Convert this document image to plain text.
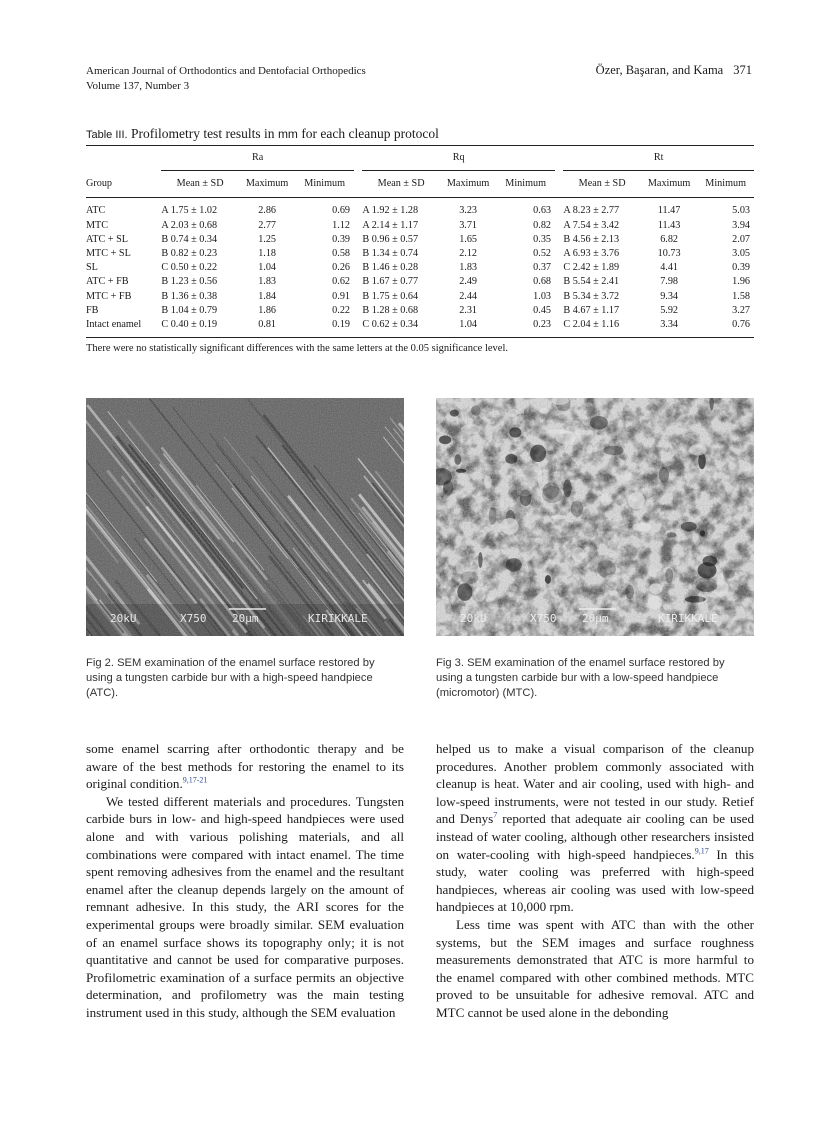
American Journal of Orthodontics and Dentofacial Orthopedics
Volume 137, Number 3
Özer, Başaran, and Kama 371
Table III. Profilometry test results in mm for each cleanup protocol
	Ra				Rq				Rt		
Group	Mean ± SD	Maximum	Minimum		Mean ± SD	Maximum	Minimum		Mean ± SD	Maximum	Minimum
ATC	A 1.75 ± 1.02	2.86	0.69		A 1.92 ± 1.28	3.23	0.63		A 8.23 ± 2.77	11.47	5.03
MTC	A 2.03 ± 0.68	2.77	1.12		A 2.14 ± 1.17	3.71	0.82		A 7.54 ± 3.42	11.43	3.94
ATC + SL	B 0.74 ± 0.34	1.25	0.39		B 0.96 ± 0.57	1.65	0.35		B 4.56 ± 2.13	6.82	2.07
MTC + SL	B 0.82 ± 0.23	1.18	0.58		B 1.34 ± 0.74	2.12	0.52		A 6.93 ± 3.76	10.73	3.05
SL	C 0.50 ± 0.22	1.04	0.26		B 1.46 ± 0.28	1.83	0.37		C 2.42 ± 1.89	4.41	0.39
ATC + FB	B 1.23 ± 0.56	1.83	0.62		B 1.67 ± 0.77	2.49	0.68		B 5.54 ± 2.41	7.98	1.96
MTC + FB	B 1.36 ± 0.38	1.84	0.91		B 1.75 ± 0.64	2.44	1.03		B 5.34 ± 3.72	9.34	1.58
FB	B 1.04 ± 0.79	1.86	0.22		B 1.28 ± 0.68	2.31	0.45		B 4.67 ± 1.17	5.92	3.27
Intact enamel	C 0.40 ± 0.19	0.81	0.19		C 0.62 ± 0.34	1.04	0.23		C 2.04 ± 1.16	3.34	0.76
There were no statistically significant differences with the same letters at the 0.05 significance level.
20kU	X750 20μm	KIRIKKALE	20kU	X750 20μm	KIRIKKALE
Fig 2. SEM examination of the enamel surface restored by using a tungsten carbide bur with a high-speed handpiece (ATC).
Fig 3. SEM examination of the enamel surface restored by using a tungsten carbide bur with a low-speed handpiece (micromotor) (MTC).

some enamel scarring after orthodontic therapy and be aware of the best methods for restoring the enamel to its original condition.$^{9,17-21}$

We tested different materials and procedures. Tungsten carbide burs in low- and high-speed handpieces were used alone and with various polishing materials, and all combinations were compared with intact enamel. The time spent removing adhesives from the enamel and the resultant enamel after the cleanup depends largely on the amount of remnant adhesive. In this study, the ARI scores for the experimental groups were broadly similar. SEM evaluation of an enamel surface shows its topography only; it is not quantitative and cannot be used for comparative purposes. Profilometric examination of a surface permits an objective determination, and profilometry was the main testing instrument used in this study, although the SEM evaluation

helped us to make a visual comparison of the cleanup procedures. Another problem commonly associated with cleanup is heat. Water and air cooling, used with high- and low-speed instruments, were not tested in our study. Retief and Denys$^7$ reported that adequate air cooling can be used instead of water cooling, although other researchers insisted on water-cooling with high-speed handpieces.$^{9,17}$ In this study, water cooling was preferred with high-speed handpieces, whereas air cooling was used with low-speed handpieces at 10,000 rpm.

Less time was spent with ATC than with the other systems, but the SEM images and surface roughness measurements demonstrated that ATC is more harmful to the enamel compared with other combined methods. MTC proved to be unsuitable for adhesive removal. ATC and MTC cannot be used alone in the debonding
